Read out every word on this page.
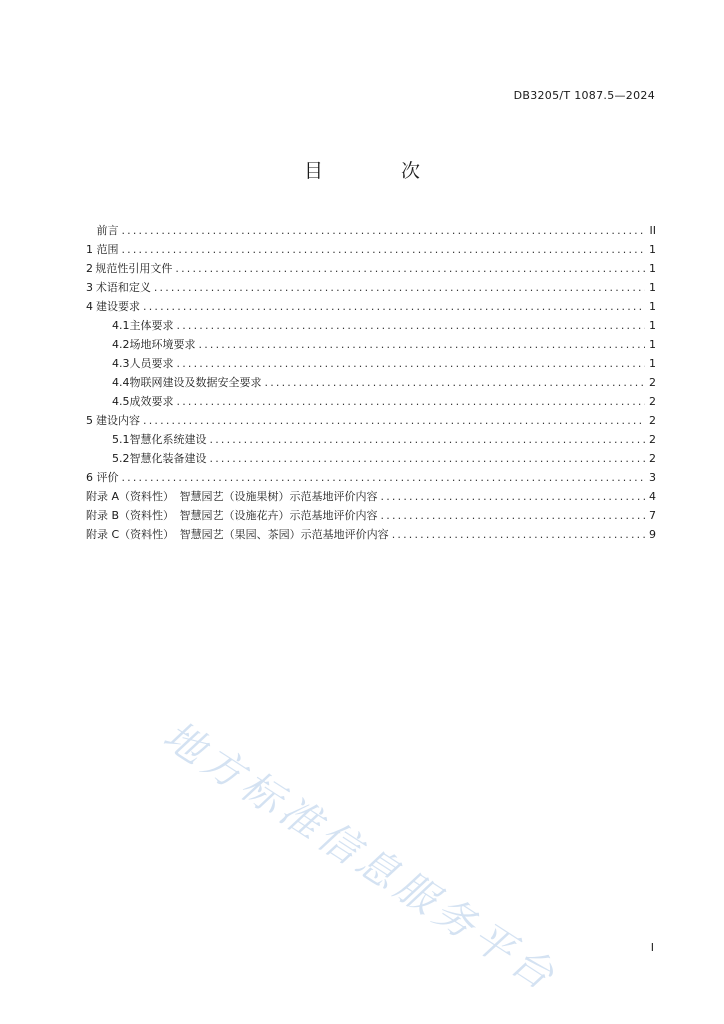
DB3205/T 1087.5—2024
目 次
前言 .....	II
1 范围 .....	1
2 规范性引用文件 .....	1
3 术语和定义 .....	1
4 建设要求 .....	1
4.1 主体要求 .....	1
4.2 场地环境要求 .....	1
4.3 人员要求 .....	1
4.4 物联网建设及数据安全要求 .....	2
4.5 成效要求 .....	2
5 建设内容 .....	2
5.1 智慧化系统建设 .....	2
5.2 智慧化装备建设 .....	2
6 评价 .....	3
附录 A（资料性）　智慧园艺（设施果树）示范基地评价内容 .....	4
附录 B（资料性）　智慧园艺（设施花卉）示范基地评价内容 .....	7
附录 C（资料性）　智慧园艺（果园、茶园）示范基地评价内容 .....	9
地方标准信息服务平台	I
